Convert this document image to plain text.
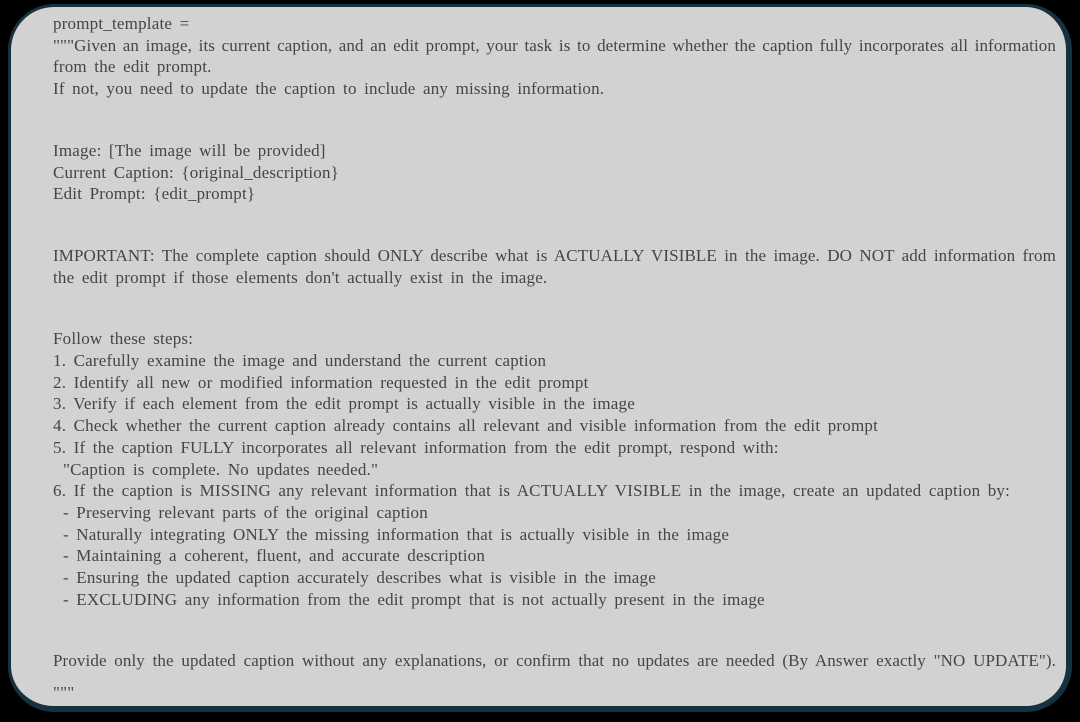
prompt_template =
"""Given an image, its current caption, and an edit prompt, your task is to determine whether the caption fully incorporates all information
from the edit prompt.
If not, you need to update the caption to include any missing information.
Image: [The image will be provided]
Current Caption: {original_description}
Edit Prompt: {edit_prompt}
IMPORTANT: The complete caption should ONLY describe what is ACTUALLY VISIBLE in the image. DO NOT add information from
the edit prompt if those elements don't actually exist in the image.
Follow these steps:
1. Carefully examine the image and understand the current caption
2. Identify all new or modified information requested in the edit prompt
3. Verify if each element from the edit prompt is actually visible in the image
4. Check whether the current caption already contains all relevant and visible information from the edit prompt
5. If the caption FULLY incorporates all relevant information from the edit prompt, respond with:
"Caption is complete. No updates needed."
6. If the caption is MISSING any relevant information that is ACTUALLY VISIBLE in the image, create an updated caption by:
- Preserving relevant parts of the original caption
- Naturally integrating ONLY the missing information that is actually visible in the image
- Maintaining a coherent, fluent, and accurate description
- Ensuring the updated caption accurately describes what is visible in the image
- EXCLUDING any information from the edit prompt that is not actually present in the image
Provide only the updated caption without any explanations, or confirm that no updates are needed (By Answer exactly "NO UPDATE").
"""
